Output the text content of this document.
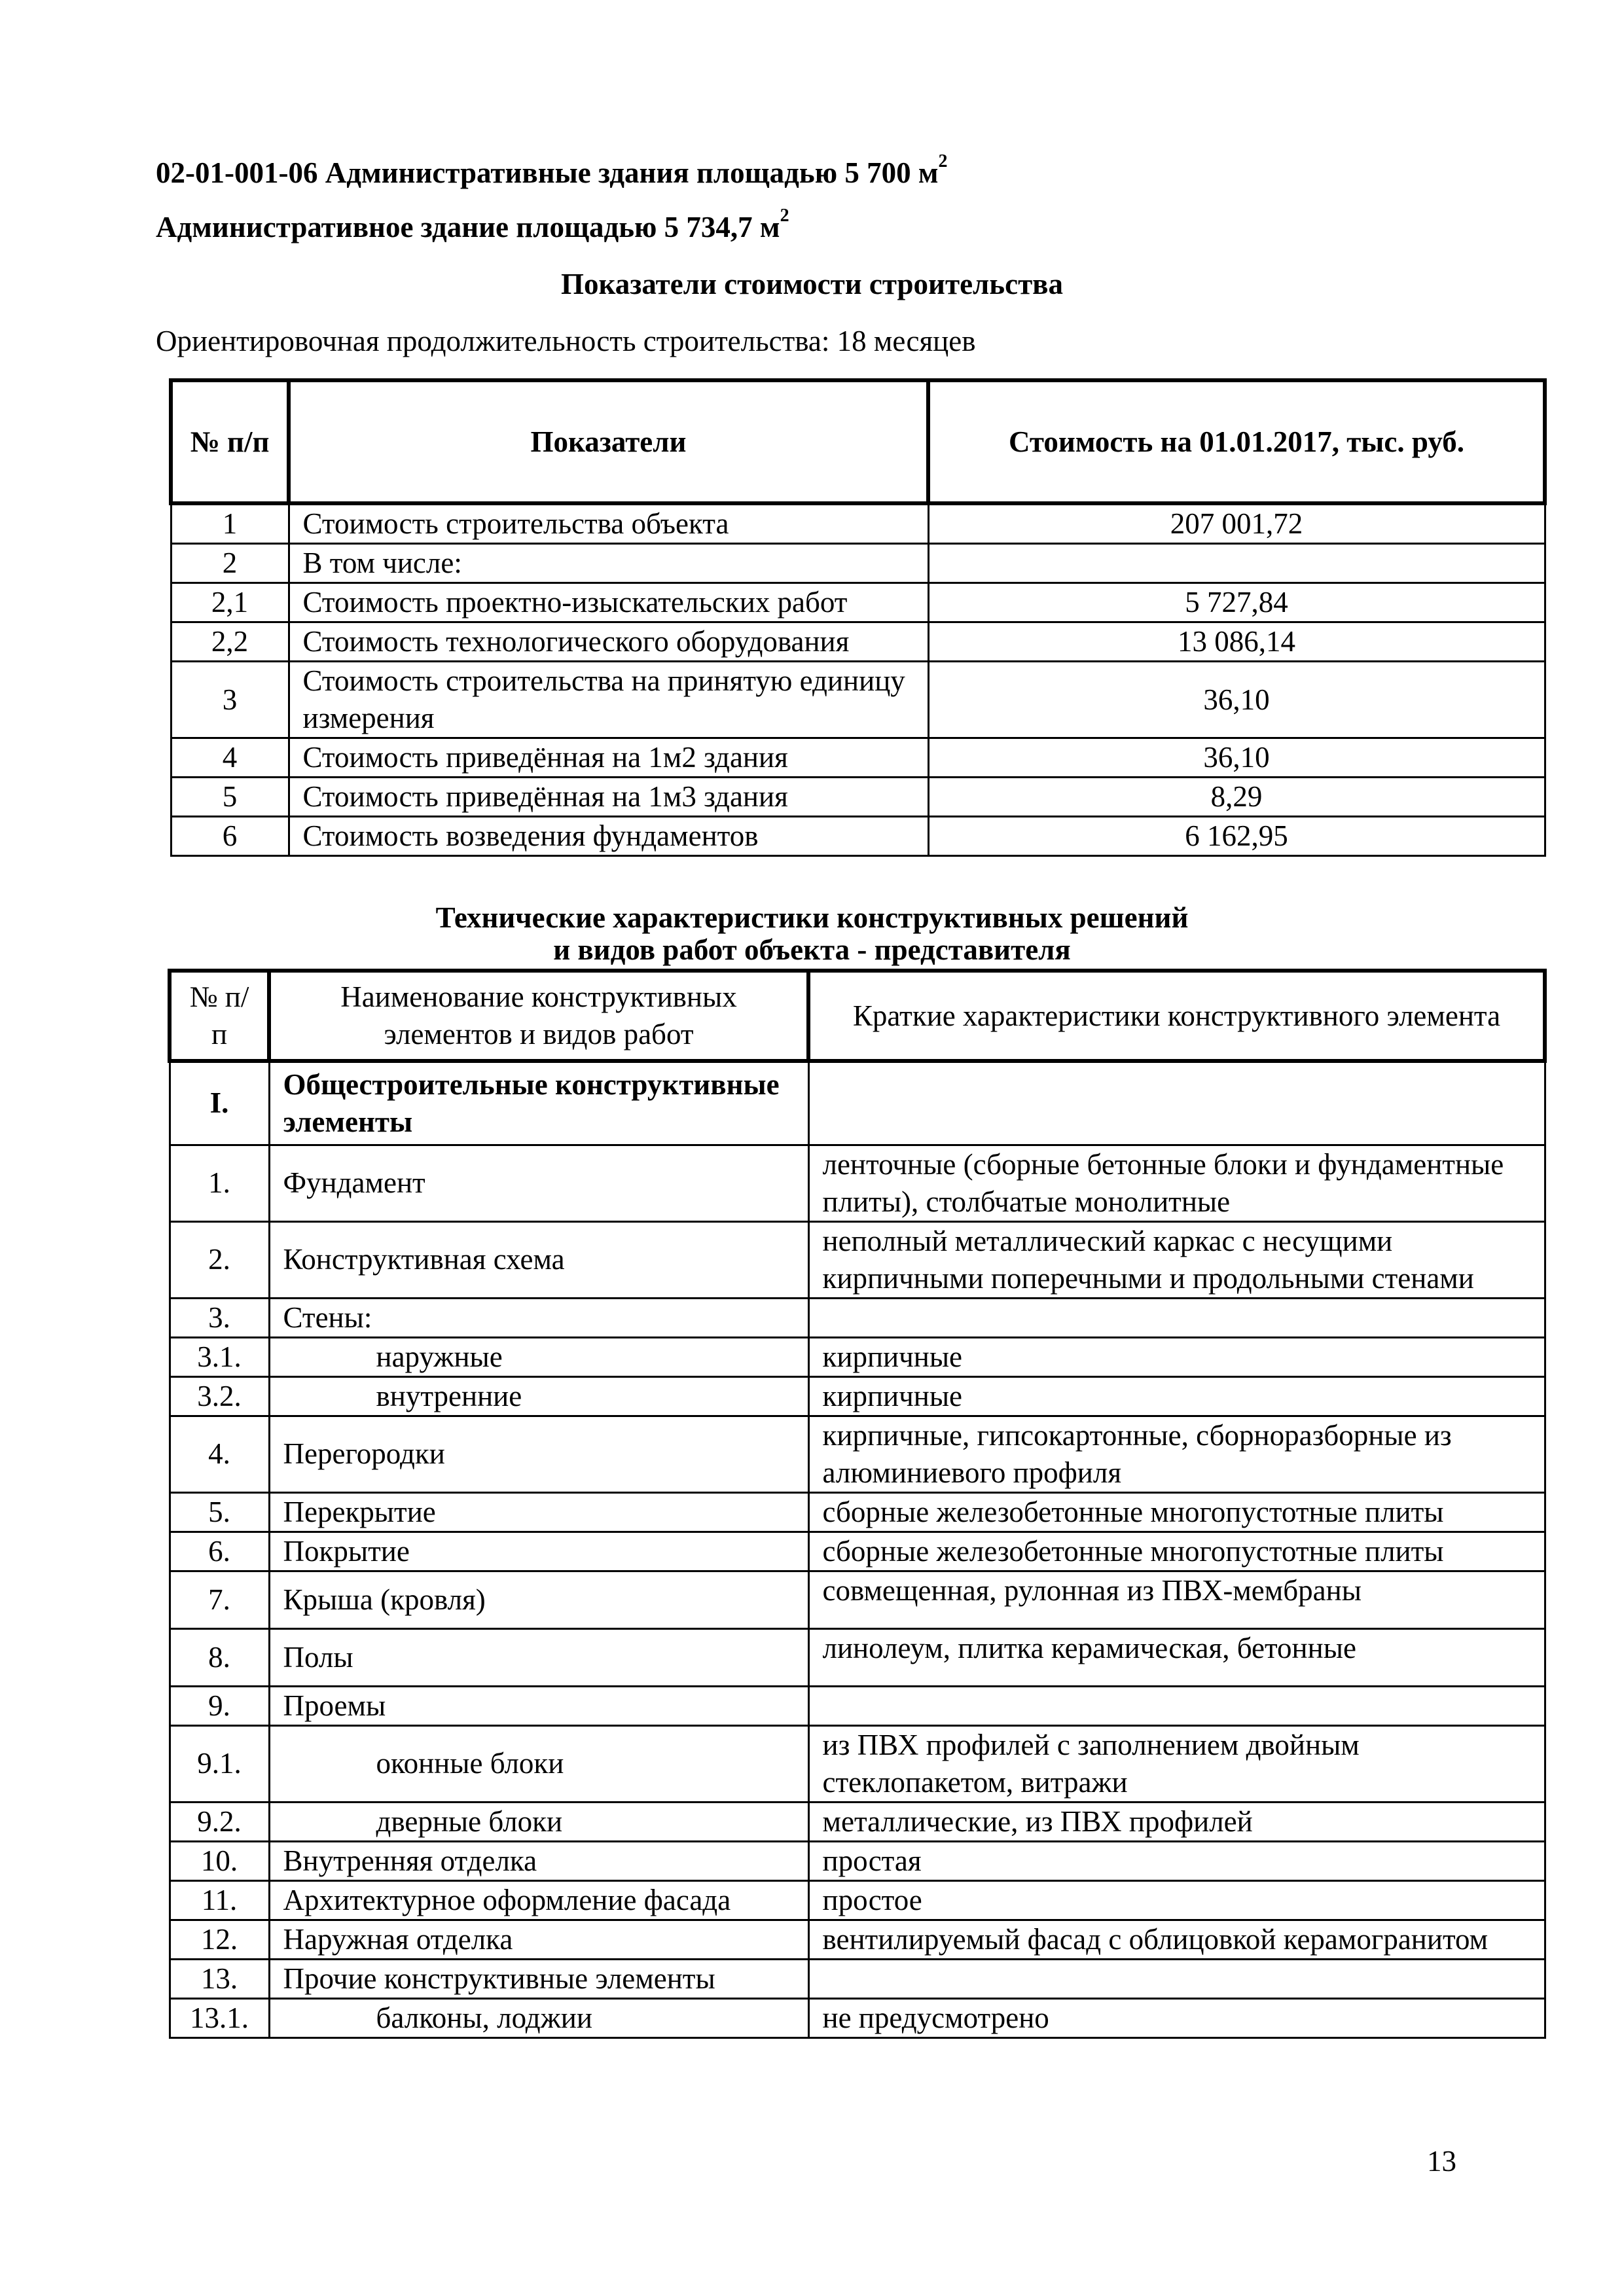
02-01-001-06 Административные здания площадью 5 700 $м^2$

Административное здание площадью 5 734,7 $м^2$

Показатели стоимости строительства

Ориентировочная продолжительность строительства: 18 месяцев

№ п/п	Показатели	Стоимость на 01.01.2017, тыс. руб.
1	Стоимость строительства объекта	207 001,72
2	В том числе:	
2,1	Стоимость проектно-изыскательских работ	5 727,84
2,2	Стоимость технологического оборудования	13 086,14
3	Стоимость строительства на принятую единицу измерения	36,10
4	Стоимость приведённая на 1м2 здания	36,10
5	Стоимость приведённая на 1м3 здания	8,29
6	Стоимость возведения фундаментов	6 162,95

Технические характеристики конструктивных решений
и видов работ объекта - представителя

№ п/п	Наименование конструктивных элементов и видов работ	Краткие характеристики конструктивного элемента
I.	Общестроительные конструктивные элементы	
1.	Фундамент	ленточные (сборные бетонные блоки и фундаментные плиты), столбчатые монолитные
2.	Конструктивная схема	неполный металлический каркас с несущими кирпичными поперечными и продольными стенами
3.	Стены:	
3.1.	наружные	кирпичные
3.2.	внутренние	кирпичные
4.	Перегородки	кирпичные, гипсокартонные, сборноразборные из алюминиевого профиля
5.	Перекрытие	сборные железобетонные многопустотные плиты
6.	Покрытие	сборные железобетонные многопустотные плиты
7.	Крыша (кровля)	совмещенная, рулонная из ПВХ-мембраны
8.	Полы	линолеум, плитка керамическая, бетонные
9.	Проемы	
9.1.	оконные блоки	из ПВХ профилей с заполнением двойным стеклопакетом, витражи
9.2.	дверные блоки	металлические, из ПВХ профилей
10.	Внутренняя отделка	простая
11.	Архитектурное оформление фасада	простое
12.	Наружная отделка	вентилируемый фасад с облицовкой керамогранитом
13.	Прочие конструктивные элементы	
13.1.	балконы, лоджии	не предусмотрено

13
